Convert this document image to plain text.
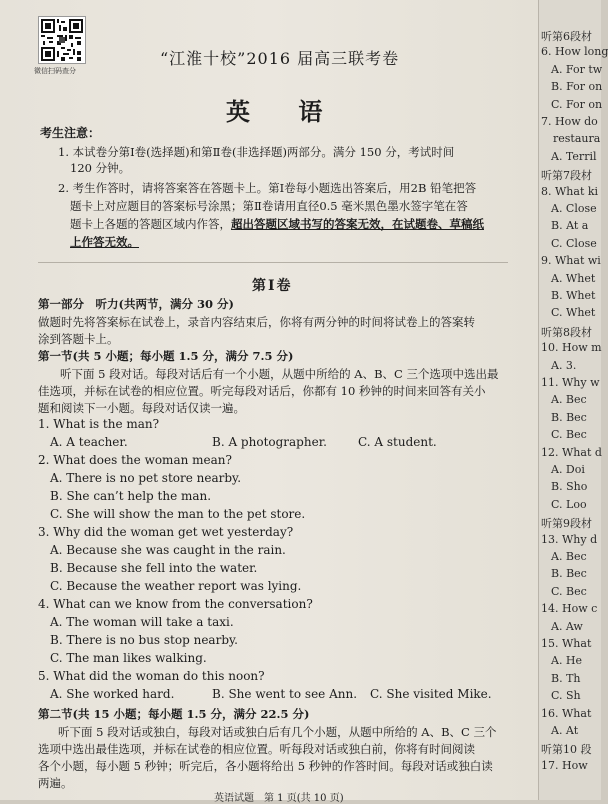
微信扫码查分
“江淮十校”2016 届高三联考卷
英 语
考生注意：
1. 本试卷分第Ⅰ卷(选择题)和第Ⅱ卷(非选择题)两部分。满分 150 分，考试时间
120 分钟。
2. 考生作答时，请将答案答在答题卡上。第Ⅰ卷每小题选出答案后，用2B 铅笔把答
题卡上对应题目的答案标号涂黑；第Ⅱ卷请用直径0.5 毫米黑色墨水签字笔在答
题卡上各题的答题区域内作答，超出答题区域书写的答案无效，在试题卷、草稿纸
上作答无效。
第Ⅰ卷
第一部分　听力(共两节，满分 30 分)
做题时先将答案标在试卷上，录音内容结束后，你将有两分钟的时间将试卷上的答案转
涂到答题卡上。
第一节(共 5 小题；每小题 1.5 分，满分 7.5 分)
听下面 5 段对话。每段对话后有一个小题，从题中所给的 A、B、C 三个选项中选出最
佳选项，并标在试卷的相应位置。听完每段对话后，你都有 10 秒钟的时间来回答有关小
题和阅读下一小题。每段对话仅读一遍。
1. What is the man?
A. A teacher.	B. A photographer.	C. A student.
2. What does the woman mean?
A. There is no pet store nearby.
B. She can’t help the man.
C. She will show the man to the pet store.
3. Why did the woman get wet yesterday?
A. Because she was caught in the rain.
B. Because she fell into the water.
C. Because the weather report was lying.
4. What can we know from the conversation?
A. The woman will take a taxi.
B. There is no bus stop nearby.
C. The man likes walking.
5. What did the woman do this noon?
A. She worked hard.	B. She went to see Ann. C. She visited Mike.
第二节(共 15 小题；每小题 1.5 分，满分 22.5 分)
听下面 5 段对话或独白，每段对话或独白后有几个小题，从题中所给的 A、B、C 三个
选项中选出最佳选项，并标在试卷的相应位置。听每段对话或独白前，你将有时间阅读
各个小题，每小题 5 秒钟；听完后，各小题将给出 5 秒钟的作答时间。每段对话或独白读
两遍。
英语试题　第 1 页(共 10 页)
听第6段材
6. How long
A. For tw
B. For on
C. For on
7. How do
restaura
A. Terril
听第7段材
8. What ki
A. Close
B. At a
C. Close
9. What wi
A. Whet
B. Whet
C. Whet
听第8段材
10. How m
A. 3.
11. Why w
A. Bec
B. Bec
C. Bec
12. What d
A. Doi
B. Sho
C. Loo
听第9段材
13. Why d
A. Bec
B. Bec
C. Bec
14. How c
A. Aw
15. What
A. He
B. Th
C. Sh
16. What
A. At
听第10 段
17. How
